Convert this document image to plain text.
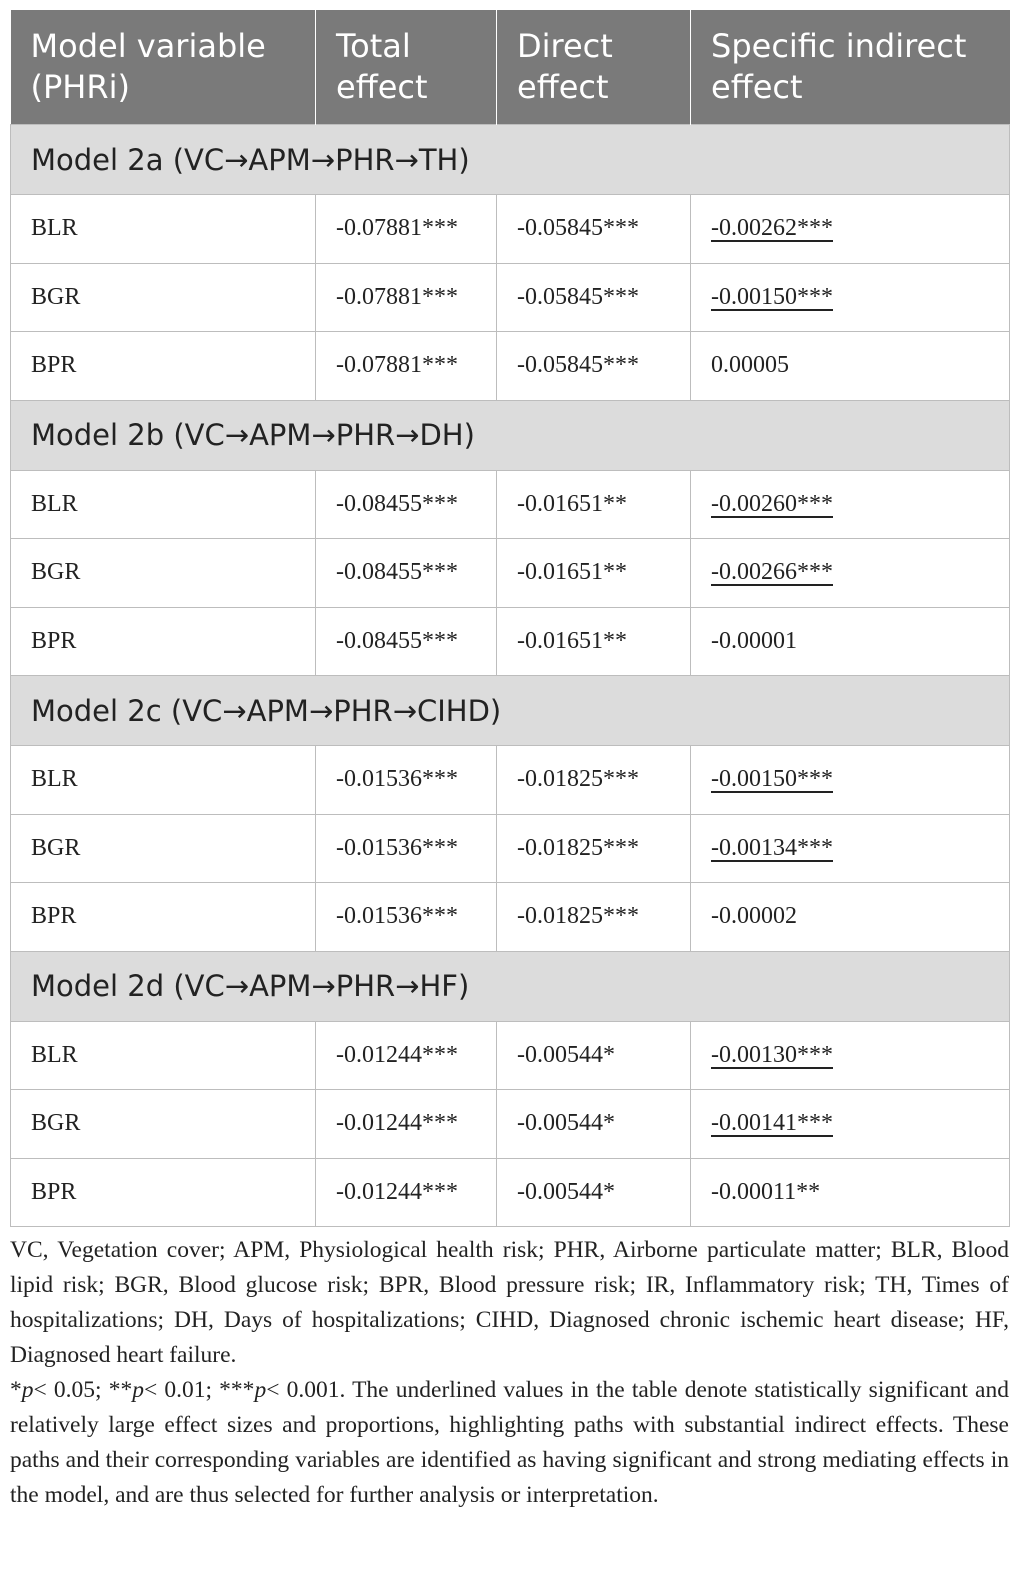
Model variable (PHRi)	Total effect	Direct effect	Specific indirect effect
Model 2a (VC→APM→PHR→TH)			
BLR	-0.07881***	-0.05845***	-0.00262***
BGR	-0.07881***	-0.05845***	-0.00150***
BPR	-0.07881***	-0.05845***	0.00005
Model 2b (VC→APM→PHR→DH)			
BLR	-0.08455***	-0.01651**	-0.00260***
BGR	-0.08455***	-0.01651**	-0.00266***
BPR	-0.08455***	-0.01651**	-0.00001
Model 2c (VC→APM→PHR→CIHD)			
BLR	-0.01536***	-0.01825***	-0.00150***
BGR	-0.01536***	-0.01825***	-0.00134***
BPR	-0.01536***	-0.01825***	-0.00002
Model 2d (VC→APM→PHR→HF)			
BLR	-0.01244***	-0.00544*	-0.00130***
BGR	-0.01244***	-0.00544*	-0.00141***
BPR	-0.01244***	-0.00544*	-0.00011**

VC, Vegetation cover; APM, Physiological health risk; PHR, Airborne particulate matter; BLR, Blood lipid risk; BGR, Blood glucose risk; BPR, Blood pressure risk; IR, Inflammatory risk; TH, Times of hospitalizations; DH, Days of hospitalizations; CIHD, Diagnosed chronic ischemic heart disease; HF, Diagnosed heart failure.

*p< 0.05; **p< 0.01; ***p< 0.001. The underlined values in the table denote statistically significant and relatively large effect sizes and proportions, highlighting paths with substantial indirect effects. These paths and their corresponding variables are identified as having significant and strong mediating effects in the model, and are thus selected for further analysis or interpretation.
